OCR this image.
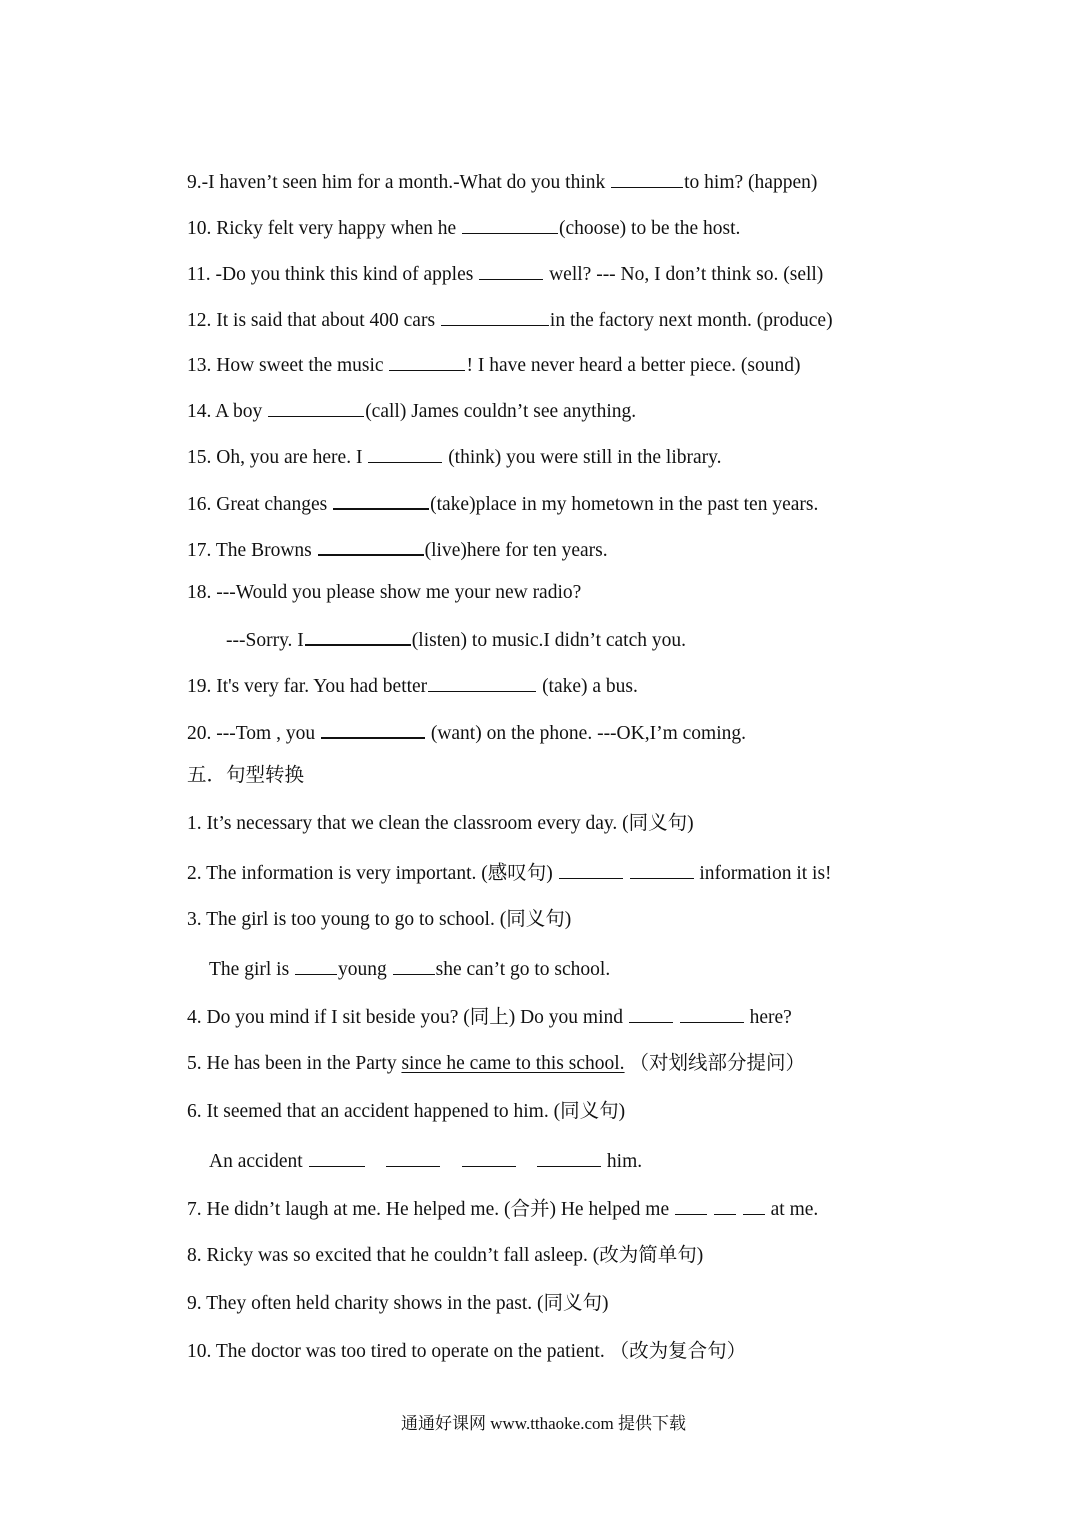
9.-I haven’t seen him for a month.-What do you think	to him? (happen)
10. Ricky felt very happy when he	(choose) to be the host.
11. -Do you think this kind of apples	well? --- No, I don’t think so. (sell)
12. It is said that about 400 cars	in the factory next month. (produce)
13. How sweet the music	! I have never heard a better piece. (sound)
14. A boy	(call) James couldn’t see anything.
15. Oh, you are here. I	(think) you were still in the library.
16. Great changes	(take)place in my hometown in the past ten years.
17. The Browns	(live)here for ten years.
18. ---Would you please show me your new radio?
---Sorry. I	(listen) to music.I didn’t catch you.
19. It's very far. You had better	(take) a bus.
20. ---Tom , you	(want) on the phone. ---OK,I’m coming.
五．句型转换
1. It’s necessary that we clean the classroom every day. (同义句)
2. The information is very important. (感叹句)	information it is!
3. The girl is too young to go to school. (同义句)
The girl is young she can’t go to school.
4. Do you mind if I sit beside you? (同上) Do you mind	here?
5. He has been in the Party since he came to this school. （对划线部分提问）
6. It seemed that an accident happened to him. (同义句)
An accident	him.
7. He didn’t laugh at me. He helped me. (合并) He helped me	at me.
8. Ricky was so excited that he couldn’t fall asleep. (改为简单句)
9. They often held charity shows in the past. (同义句)
10. The doctor was too tired to operate on the patient. （改为复合句）
通通好课网 www.tthaoke.com 提供下载
